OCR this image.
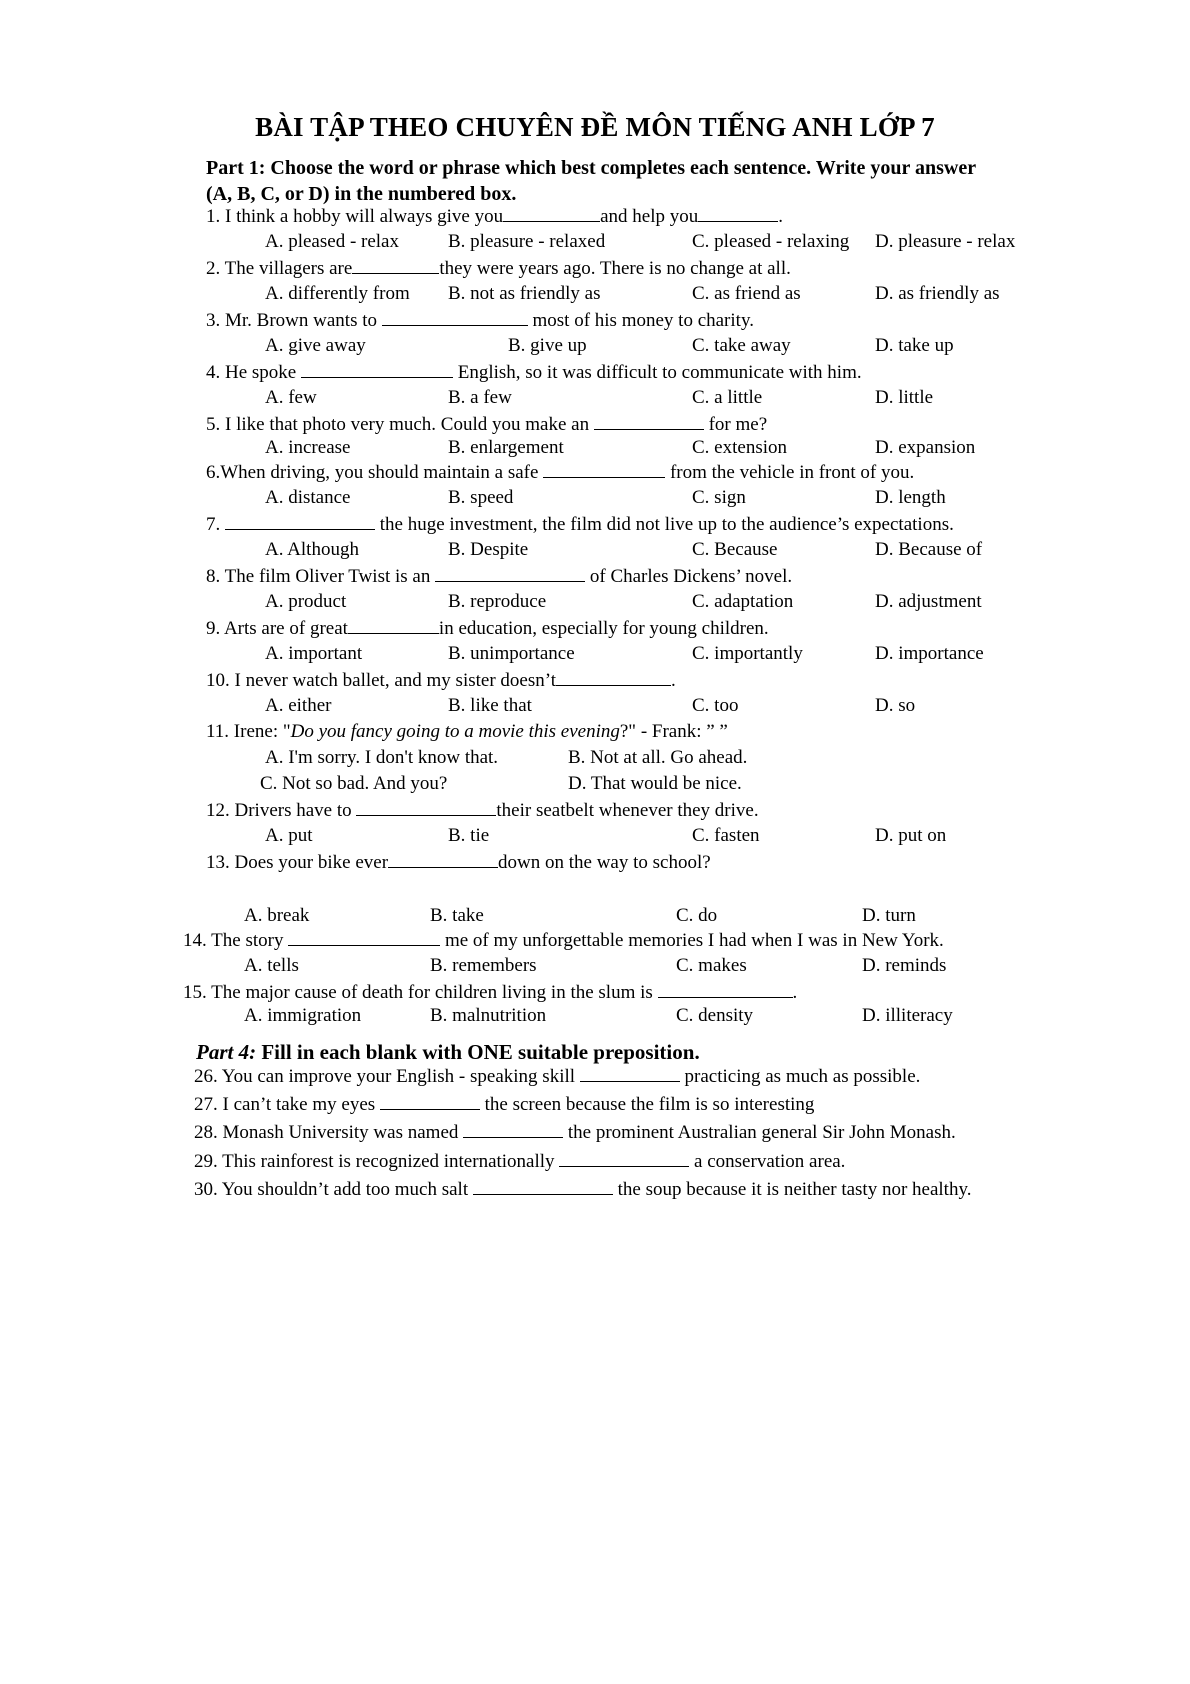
BÀI TẬP THEO CHUYÊN ĐỀ MÔN TIẾNG ANH LỚP 7
Part 1: Choose the word or phrase which best completes each sentence. Write your answer
(A, B, C, or D) in the numbered box.
1. I think a hobby will always give you	and help you	.
A. pleased - relax	B. pleasure - relaxed	C. pleased - relaxing D. pleasure - relax
2. The villagers are	they were years ago. There is no change at all.
A. differently from B. not as friendly as	C. as friend as	D. as friendly as
3. Mr. Brown wants to	most of his money to charity.
A. give away	B. give up	C. take away	D. take up
4. He spoke	English, so it was difficult to communicate with him.
A. few	B. a few	C. a little	D. little
5. I like that photo very much. Could you make an	for me?
A. increase	B. enlargement	C. extension	D. expansion
6.When driving, you should maintain a safe	from the vehicle in front of you.
A. distance	B. speed	C. sign	D. length
7.	the huge investment, the film did not live up to the audience’s expectations.
A. Although	B. Despite	C. Because	D. Because of
8. The film Oliver Twist is an	of Charles Dickens’ novel.
A. product	B. reproduce	C. adaptation	D. adjustment
9. Arts are of great	in education, especially for young children.
A. important	B. unimportance	C. importantly	D. importance
10. I never watch ballet, and my sister doesn’t	.
A. either	B. like that	C. too	D. so
11. Irene: "Do you fancy going to a movie this evening?" - Frank: ” ”
A. I'm sorry. I don't know that.	B. Not at all. Go ahead.
C. Not so bad. And you?	D. That would be nice.
12. Drivers have to	their seatbelt whenever they drive.
A. put	B. tie	C. fasten	D. put on
13. Does your bike ever	down on the way to school?
A. break	B. take	C. do	D. turn
14. The story	me of my unforgettable memories I had when I was in New York.
A. tells	B. remembers	C. makes	D. reminds
15. The major cause of death for children living in the slum is	.
A. immigration	B. malnutrition	C. density	D. illiteracy
Part 4: Fill in each blank with ONE suitable preposition.
26. You can improve your English - speaking skill	practicing as much as possible.
27. I can’t take my eyes	the screen because the film is so interesting
28. Monash University was named	the prominent Australian general Sir John Monash.
29. This rainforest is recognized internationally	a conservation area.
30. You shouldn’t add too much salt	the soup because it is neither tasty nor healthy.
